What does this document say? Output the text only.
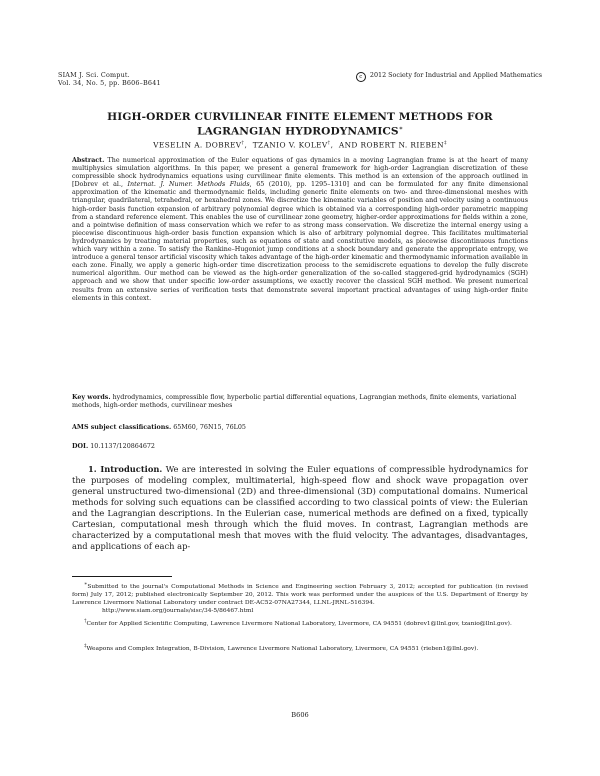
SIAM J. Sci. Comput.
Vol. 34, No. 5, pp. B606–B641
c 2012 Society for Industrial and Applied Mathematics
HIGH-ORDER CURVILINEAR FINITE ELEMENT METHODS FOR
LAGRANGIAN HYDRODYNAMICS∗
VESELIN A. DOBREV†,  TZANIO V. KOLEV†,  AND ROBERT N. RIEBEN‡
Abstract. The numerical approximation of the Euler equations of gas dynamics in a moving Lagrangian frame is at the heart of many multiphysics simulation algorithms. In this paper, we present a general framework for high-order Lagrangian discretization of these compressible shock hydrodynamics equations using curvilinear finite elements. This method is an extension of the approach outlined in [Dobrev et al., Internat. J. Numer. Methods Fluids, 65 (2010), pp. 1295–1310] and can be formulated for any finite dimensional approximation of the kinematic and thermodynamic fields, including generic finite elements on two- and three-dimensional meshes with triangular, quadrilateral, tetrahedral, or hexahedral zones. We discretize the kinematic variables of position and velocity using a continuous high-order basis function expansion of arbitrary polynomial degree which is obtained via a corresponding high-order parametric mapping from a standard reference element. This enables the use of curvilinear zone geometry, higher-order approximations for fields within a zone, and a pointwise definition of mass conservation which we refer to as strong mass conservation. We discretize the internal energy using a piecewise discontinuous high-order basis function expansion which is also of arbitrary polynomial degree. This facilitates multimaterial hydrodynamics by treating material properties, such as equations of state and constitutive models, as piecewise discontinuous functions which vary within a zone. To satisfy the Rankine–Hugoniot jump conditions at a shock boundary and generate the appropriate entropy, we introduce a general tensor artificial viscosity which takes advantage of the high-order kinematic and thermodynamic information available in each zone. Finally, we apply a generic high-order time discretization process to the semidiscrete equations to develop the fully discrete numerical algorithm. Our method can be viewed as the high-order generalization of the so-called staggered-grid hydrodynamics (SGH) approach and we show that under specific low-order assumptions, we exactly recover the classical SGH method. We present numerical results from an extensive series of verification tests that demonstrate several important practical advantages of using high-order finite elements in this context.
Key words. hydrodynamics, compressible flow, hyperbolic partial differential equations, Lagrangian methods, finite elements, variational methods, high-order methods, curvilinear meshes
AMS subject classifications. 65M60, 76N15, 76L05
DOI. 10.1137/120864672
1. Introduction. We are interested in solving the Euler equations of compressible hydrodynamics for the purposes of modeling complex, multimaterial, high-speed flow and shock wave propagation over general unstructured two-dimensional (2D) and three-dimensional (3D) computational domains. Numerical methods for solving such equations can be classified according to two classical points of view: the Eulerian and the Lagrangian descriptions. In the Eulerian case, numerical methods are defined on a fixed, typically Cartesian, computational mesh through which the fluid moves. In contrast, Lagrangian methods are characterized by a computational mesh that moves with the fluid velocity. The advantages, disadvantages, and applications of each ap-
∗Submitted to the journal's Computational Methods in Science and Engineering section February 3, 2012; accepted for publication (in revised form) July 17, 2012; published electronically September 20, 2012. This work was performed under the auspices of the U.S. Department of Energy by Lawrence Livermore National Laboratory under contract DE-AC52-07NA27344, LLNL-JRNL-516394.
http://www.siam.org/journals/sisc/34-5/86467.html
†Center for Applied Scientific Computing, Lawrence Livermore National Laboratory, Livermore, CA 94551 (dobrev1@llnl.gov, tzanio@llnl.gov).
‡Weapons and Complex Integration, B-Division, Lawrence Livermore National Laboratory, Livermore, CA 94551 (rieben1@llnl.gov).
B606
